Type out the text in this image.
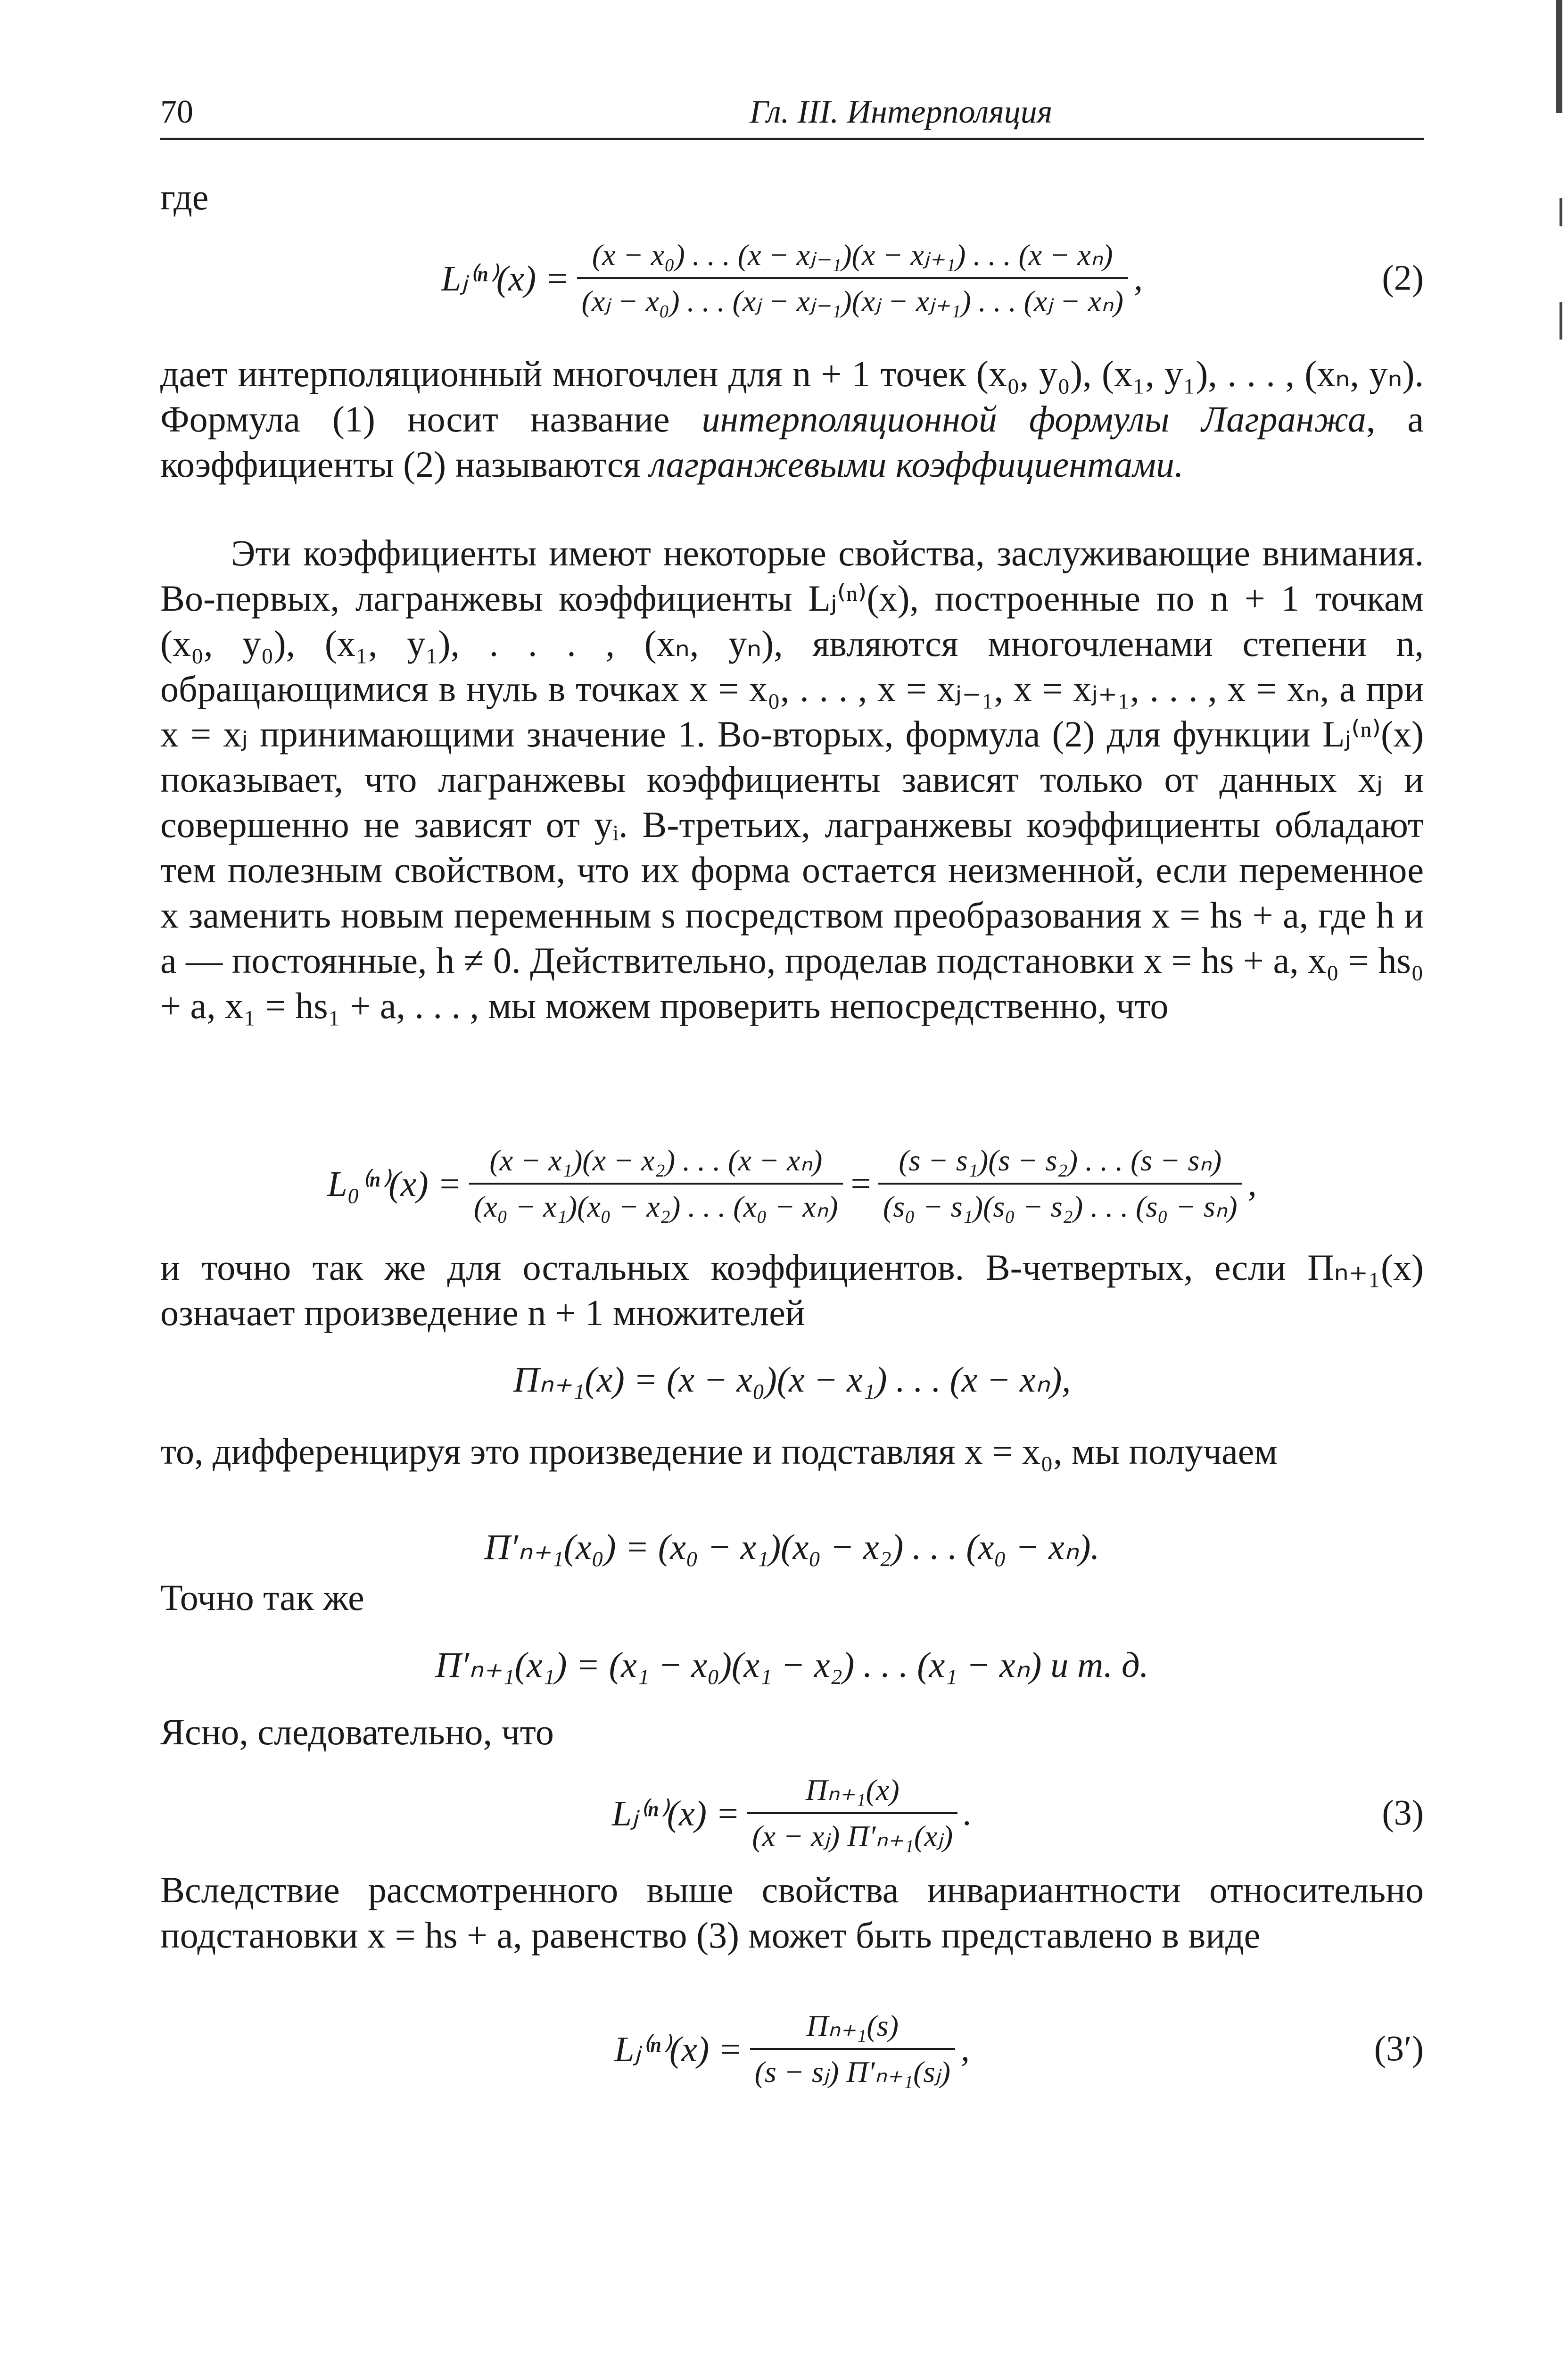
70	Гл. III. Интерполяция

где

Lⱼ⁽ⁿ⁾(x) = $\frac{\text{(x − x₀) . . . (x − xⱼ₋₁)(x − xⱼ₊₁) . . . (x − xₙ)}}{\text{(xⱼ − x₀) . . . (xⱼ − xⱼ₋₁)(xⱼ − xⱼ₊₁) . . . (xⱼ − xₙ)}}$ ,	(2)

дает интерполяционный многочлен для n + 1 точек (x₀, y₀), (x₁, y₁), . . . , (xₙ, yₙ). Формула (1) носит название интерполяционной формулы Лагранжа, а коэффициенты (2) называются лагранжевыми коэффициентами.

Эти коэффициенты имеют некоторые свойства, заслуживающие внимания. Во-первых, лагранжевы коэффициенты Lⱼ⁽ⁿ⁾(x), построенные по n + 1 точкам (x₀, y₀), (x₁, y₁), . . . , (xₙ, yₙ), являются многочленами степени n, обращающимися в нуль в точках x = x₀, . . . , x = xⱼ₋₁, x = xⱼ₊₁, . . . , x = xₙ, а при x = xⱼ принимающими значение 1. Во-вторых, формула (2) для функции Lⱼ⁽ⁿ⁾(x) показывает, что лагранжевы коэффициенты зависят только от данных xⱼ и совершенно не зависят от yᵢ. В-третьих, лагранжевы коэффициенты обладают тем полезным свойством, что их форма остается неизменной, если переменное x заменить новым переменным s посредством преобразования x = hs + a, где h и a — постоянные, h ≠ 0. Действительно, проделав подстановки x = hs + a, x₀ = hs₀ + a, x₁ = hs₁ + a, . . . , мы можем проверить непосредственно, что

$L_0^{(n)}(x) = \frac{\text{(x − x₁)(x − x₂) . . . (x − xₙ)}}{\text{(x₀ − x₁)(x₀ − x₂) . . . (x₀ − xₙ)}} = \frac{\text{(s − s₁)(s − s₂) . . . (s − sₙ)}}{\text{(s₀ − s₁)(s₀ − s₂) . . . (s₀ − sₙ)}}$ ,

и точно так же для остальных коэффициентов. В-четвертых, если Πₙ₊₁(x) означает произведение n + 1 множителей

Πₙ₊₁(x) = (x − x₀)(x − x₁) . . . (x − xₙ),

то, дифференцируя это произведение и подставляя x = x₀, мы получаем

Π′ₙ₊₁(x₀) = (x₀ − x₁)(x₀ − x₂) . . . (x₀ − xₙ).

Точно так же

Π′ₙ₊₁(x₁) = (x₁ − x₀)(x₁ − x₂) . . . (x₁ − xₙ) и т. д.

Ясно, следовательно, что

Lⱼ⁽ⁿ⁾(x) = $\frac{\text{Πₙ₊₁(x)}}{\text{(x − xⱼ) Π′ₙ₊₁(xⱼ)}}$ .	(3)

Вследствие рассмотренного выше свойства инвариантности относительно подстановки x = hs + a, равенство (3) может быть представлено в виде

Lⱼ⁽ⁿ⁾(x) = $\frac{\text{Πₙ₊₁(s)}}{\text{(s − sⱼ) Π′ₙ₊₁(sⱼ)}}$ ,	(3′)
